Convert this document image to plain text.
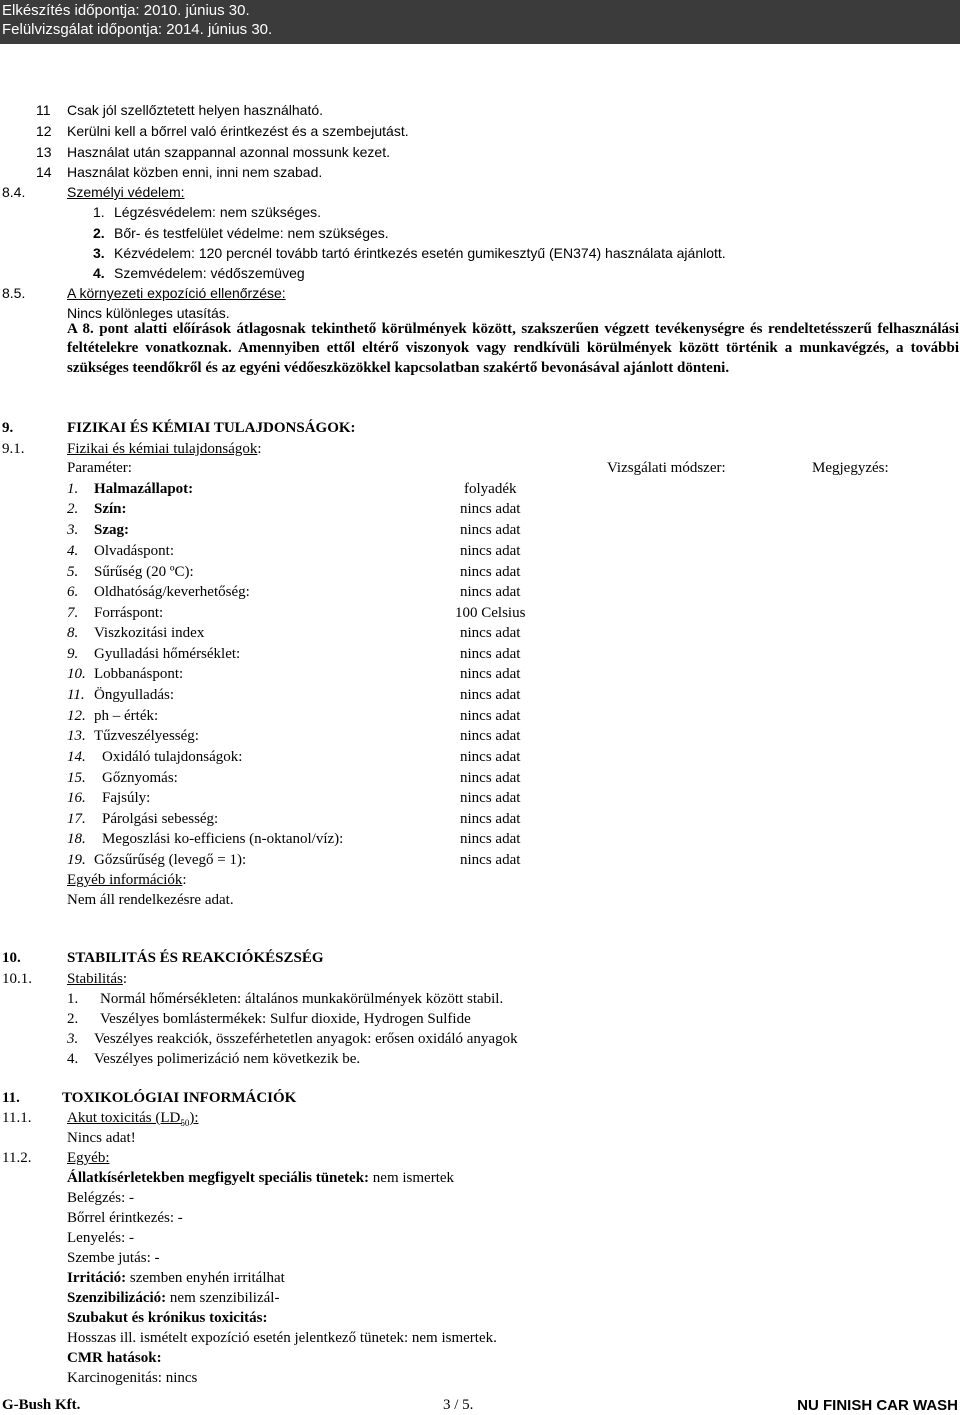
Elkészítés időpontja: 2010. június 30.
Felülvizsgálat időpontja: 2014. június 30.
11 Csak jól szellőztetett helyen használható.
12 Kerülni kell a bőrrel való érintkezést és a szembejutást.
13 Használat után szappannal azonnal mossunk kezet.
14 Használat közben enni, inni nem szabad.
8.4.	Személyi védelem:
1. Légzésvédelem: nem szükséges.
2. Bőr- és testfelület védelme: nem szükséges.
3. Kézvédelem: 120 percnél tovább tartó érintkezés esetén gumikesztyű (EN374) használata ajánlott.
4. Szemvédelem: védőszemüveg
8.5.	A környezeti expozíció ellenőrzése:
Nincs különleges utasítás.

A 8. pont alatti előírások átlagosnak tekinthető körülmények között, szakszerűen végzett tevékenységre és rendeltetésszerű felhasználási feltételekre vonatkoznak. Amennyiben ettől eltérő viszonyok vagy rendkívüli körülmények között történik a munkavégzés, a további szükséges teendőkről és az egyéni védőeszközökkel kapcsolatban szakértő bevonásával ajánlott dönteni.

9.	FIZIKAI ÉS KÉMIAI TULAJDONSÁGOK:
9.1.	Fizikai és kémiai tulajdonságok:
Paraméter:	Vizsgálati módszer:	Megjegyzés:
1. Halmazállapot:	folyadék
2. Szín:	nincs adat
3. Szag:	nincs adat
4. Olvadáspont:	nincs adat
5. Sűrűség (20 ºC):	nincs adat
6. Oldhatóság/keverhetőség:	nincs adat
7. Forráspont:	100 Celsius
8. Viszkozitási index	nincs adat
9. Gyulladási hőmérséklet:	nincs adat
10. Lobbanáspont:	nincs adat
11. Öngyulladás:	nincs adat
12. ph – érték:	nincs adat
13. Tűzveszélyesség:	nincs adat
14. Oxidáló tulajdonságok:	nincs adat
15. Gőznyomás:	nincs adat
16. Fajsúly:	nincs adat
17. Párolgási sebesség:	nincs adat
18. Megoszlási ko-efficiens (n-oktanol/víz):	nincs adat
19. Gőzsűrűség (levegő = 1):	nincs adat
Egyéb információk:
Nem áll rendelkezésre adat.
10.	STABILITÁS ÉS REAKCIÓKÉSZSÉG
10.1. Stabilitás:
1. Normál hőmérsékleten: általános munkakörülmények között stabil.
2. Veszélyes bomlástermékek: Sulfur dioxide, Hydrogen Sulfide
3. Veszélyes reakciók, összeférhetetlen anyagok: erősen oxidáló anyagok
4. Veszélyes polimerizáció nem következik be.
11.	TOXIKOLÓGIAI INFORMÁCIÓK
11.1. Akut toxicitás $(LD_{50})$:
Nincs adat!
11.2. Egyéb:
Állatkísérletekben megfigyelt speciális tünetek: nem ismertek
Belégzés: -
Bőrrel érintkezés: -
Lenyelés: -
Szembe jutás: -
Irritáció: szemben enyhén irritálhat
Szenzibilizáció: nem szenzibilizál-
Szubakut és krónikus toxicitás:
Hosszas ill. ismételt expozíció esetén jelentkező tünetek: nem ismertek.
CMR hatások:
Karcinogenitás: nincs
G-Bush Kft.	3 / 5.	NU FINISH CAR WASH
